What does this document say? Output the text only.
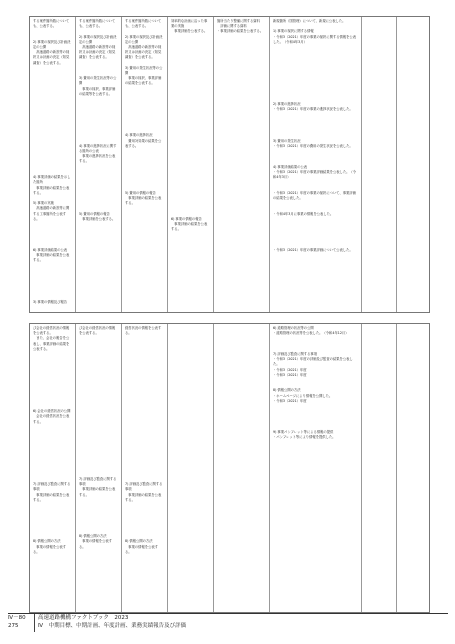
する案件箇所数についても、公表する。

2) 事業の採択及び計画決定の公開
　高速道路の新設等の採択又は計画の決定（知見調査）を公表する。

4) 事業評価の結果を示した箇所
　事業評価の結果を公表する。

5) 事業の実施
　高速道路の新設等に関する工事箇所を公表する。

6) 事業評価結果の公表
　事業評価の結果を公表する。

3) 事業の情報及び報告
する案件箇所数についても、公表する。

2) 事業の採択及び計画決定の公開
　高速道路の新設等の採択又は計画の決定（知見調査）を公表する。

3) 費用の発生状況等の公開
　事業の採択、事業評価の結果等を公表する。

4) 事業の進捗状況に関する箇所の公表
　事業の進捗状況を公表する。

5) 費用の情報の報告
　事業評価を公表する。
する案件箇所数についても、公表する。

2) 事業の採択及び計画決定の公開
　高速道路の新設等の採択又は計画の決定（知見調査）を公表する。

3) 費用の発生状況等の公開
　事業の採択、事業評価の結果を公表する。

4) 事業の進捗状況
　費用対効果の結果を公表する。

5) 費用の情報の報告
　事業評価の結果を公表する。
効率的な計画に沿った事業の実施
　事業評価を公表する。

6) 事業の情報の報告
　事業評価の結果を公表する。
箇所当たり整備に関する資料
　評価に関する資料
・事業評価の結果を公表する。

新規箇所（国管理）について、新規に公表した。

1) 事業の採択に関する情報
・令和3（2021）年度の事業の採択に関する情報を公表した。（令和4年3月）

2) 事業の進捗状況
・令和3（2021）年度の事業の進捗状況を公表した。

3) 費用の発生状況
・令和3（2021）年度の費用の発生状況を公表した。

4) 事業評価結果の公表
・令和3（2021）年度の事業評価結果を公表した。（令和4年3月）

・令和3（2021）年度の事業の採択について、事業評価の結果を公表した。

・令和4年3月に事業の情報を公表した。

・令和3（2021）年度の事業評価について公表した。
び会社の経営状況の情報を公表する。
　また、会社の報告を公表し、事業評価の結果を公表する。

6) 会社の経営状況の公開
　会社の経営状況を公表する。

7) 評価及び監査に関する事項
　事業評価の結果を公表する。

8) 情報公開の方法
　事業の情報を公表する。
び会社の経営状況の情報を公表する。

7) 評価及び監査に関する事項
　事業評価の結果を公表する。

8) 情報公開の方法
　事業の情報を公表する。
経営状況の情報を公表する。

7) 評価及び監査に関する事項
　事業評価の結果を公表する。

8) 情報公開の方法
　事業の情報を公表する。
6) 道路管理の状況等の公開
・道路管理の状況等を公表した。（令和4年12月）

7) 評価及び監査に関する事項
・令和3（2021）年度の評価及び監査の結果を公表した。
・令和3（2021）年度
・令和3（2021）年度

8) 情報公開の方法
・ホームページにより情報を公開した。
・令和3（2021）年度

9) 事業パンフレット等による情報の提供
・パンフレット等により情報を提供した。
Ⅳ－80
275
高速道路機構ファクトブック　2023
Ⅳ　中期目標、中期計画、年度計画、業務実績報告及び評価
